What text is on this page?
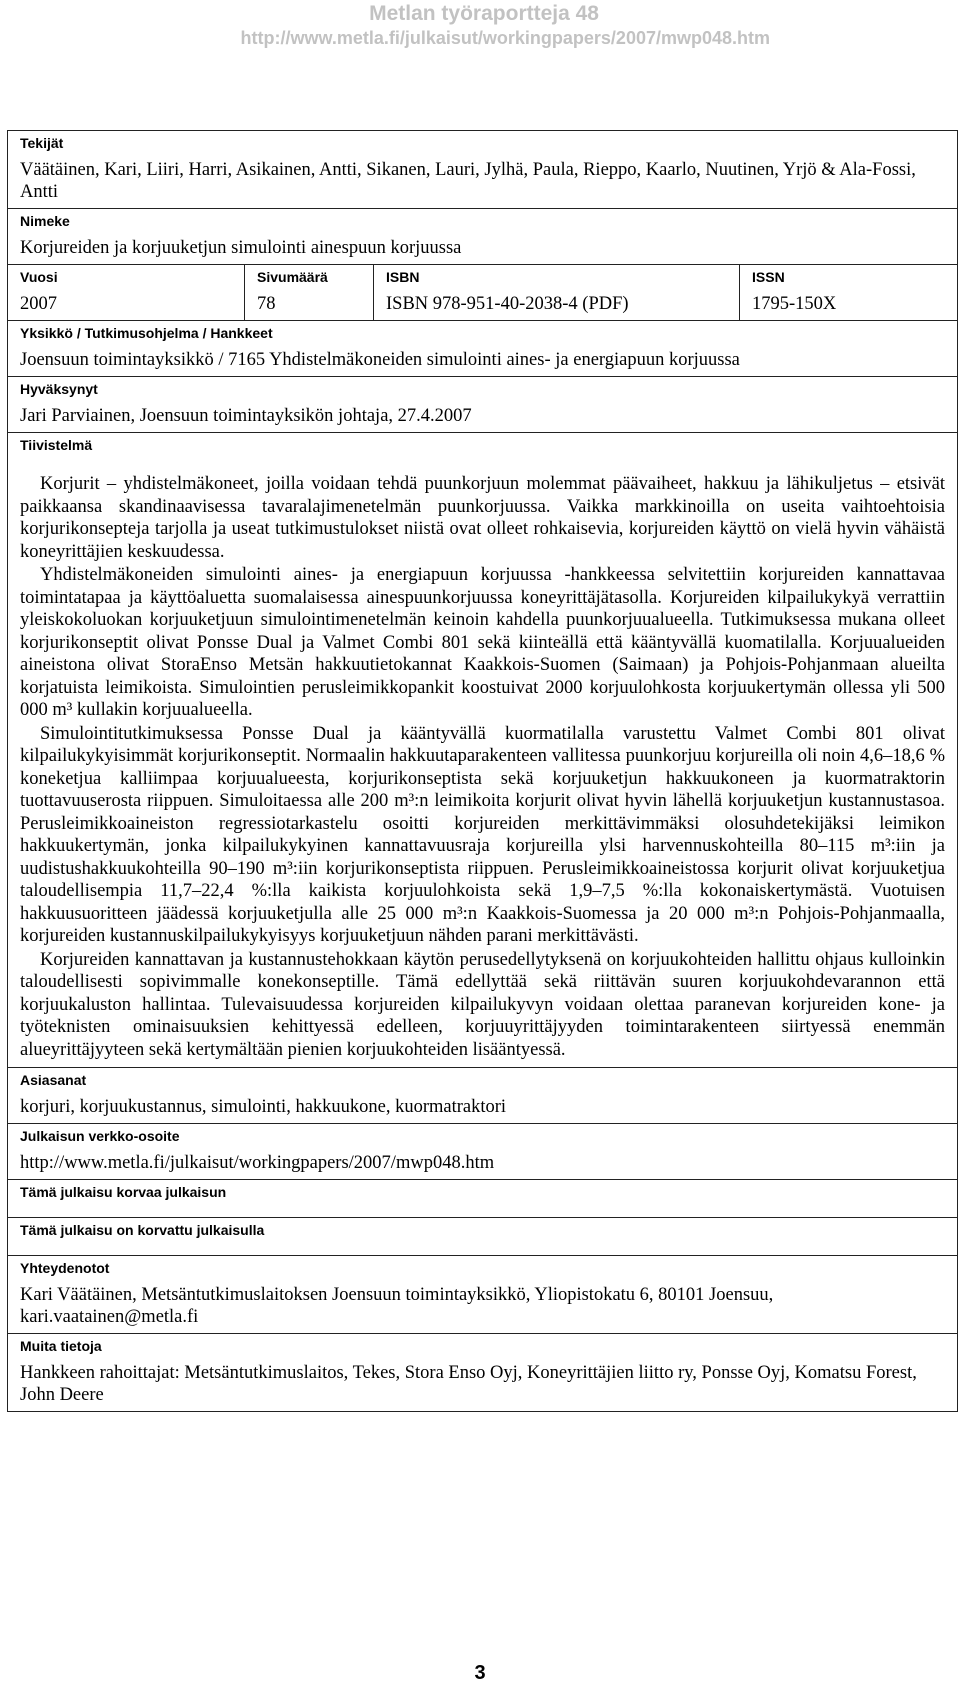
Metlan työraportteja 48
http://www.metla.fi/julkaisut/workingpapers/2007/mwp048.htm
Tekijät
Väätäinen, Kari, Liiri, Harri, Asikainen, Antti, Sikanen, Lauri, Jylhä, Paula, Rieppo, Kaarlo, Nuutinen, Yrjö & Ala-Fossi, Antti

Nimeke
Korjureiden ja korjuuketjun simulointi ainespuun korjuussa

Vuosi
2007

Sivumäärä
78

ISBN
ISBN 978-951-40-2038-4 (PDF)

ISSN
1795-150X

Yksikkö / Tutkimusohjelma / Hankkeet
Joensuun toimintayksikkö / 7165 Yhdistelmäkoneiden simulointi aines- ja energiapuun korjuussa

Hyväksynyt
Jari Parviainen, Joensuun toimintayksikön johtaja, 27.4.2007

Tiivistelmä

Korjurit – yhdistelmäkoneet, joilla voidaan tehdä puunkorjuun molemmat päävaiheet, hakkuu ja lähikuljetus – etsivät paikkaansa skandinaavisessa tavaralajimenetelmän puunkorjuussa. Vaikka markkinoilla on useita vaihtoehtoisia korjurikonsepteja tarjolla ja useat tutkimustulokset niistä ovat olleet rohkaisevia, korjureiden käyttö on vielä hyvin vähäistä koneyrittäjien keskuudessa.

Yhdistelmäkoneiden simulointi aines- ja energiapuun korjuussa -hankkeessa selvitettiin korjureiden kannattavaa toimintatapaa ja käyttöaluetta suomalaisessa ainespuunkorjuussa koneyrittäjätasolla. Korjureiden kilpailukykyä verrattiin yleiskokoluokan korjuuketjuun simulointimenetelmän keinoin kahdella puunkorjuualueella. Tutkimuksessa mukana olleet korjurikonseptit olivat Ponsse Dual ja Valmet Combi 801 sekä kiinteällä että kääntyvällä kuomatilalla. Korjuualueiden aineistona olivat StoraEnso Metsän hakkuutietokannat Kaakkois-Suomen (Saimaan) ja Pohjois-Pohjanmaan alueilta korjatuista leimikoista. Simulointien perusleimikkopankit koostuivat 2000 korjuulohkosta korjuukertymän ollessa yli 500 000 m³ kullakin korjuualueella.

Simulointitutkimuksessa Ponsse Dual ja kääntyvällä kuormatilalla varustettu Valmet Combi 801 olivat kilpailukykyisimmät korjurikonseptit. Normaalin hakkuutaparakenteen vallitessa puunkorjuu korjureilla oli noin 4,6–18,6 % koneketjua kalliimpaa korjuualueesta, korjurikonseptista sekä korjuuketjun hakkuukoneen ja kuormatraktorin tuottavuuserosta riippuen. Simuloitaessa alle 200 m³:n leimikoita korjurit olivat hyvin lähellä korjuuketjun kustannustasoa. Perusleimikkoaineiston regressiotarkastelu osoitti korjureiden merkittävimmäksi olosuhdetekijäksi leimikon hakkuukertymän, jonka kilpailukykyinen kannattavuusraja korjureilla ylsi harvennuskohteilla 80–115 m³:iin ja uudistushakkuukohteilla 90–190 m³:iin korjurikonseptista riippuen. Perusleimikkoaineistossa korjurit olivat korjuuketjua taloudellisempia 11,7–22,4 %:lla kaikista korjuulohkoista sekä 1,9–7,5 %:lla kokonaiskertymästä. Vuotuisen hakkuusuoritteen jäädessä korjuuketjulla alle 25 000 m³:n Kaakkois-Suomessa ja 20 000 m³:n Pohjois-Pohjanmaalla, korjureiden kustannuskilpailukykyisyys korjuuketjuun nähden parani merkittävästi.

Korjureiden kannattavan ja kustannustehokkaan käytön perusedellytyksenä on korjuukohteiden hallittu ohjaus kulloinkin taloudellisesti sopivimmalle konekonseptille. Tämä edellyttää sekä riittävän suuren korjuukohdevarannon että korjuukaluston hallintaa. Tulevaisuudessa korjureiden kilpailukyvyn voidaan olettaa paranevan korjureiden kone- ja työteknisten ominaisuuksien kehittyessä edelleen, korjuuyrittäjyyden toimintarakenteen siirtyessä enemmän alueyrittäjyyteen sekä kertymältään pienien korjuukohteiden lisääntyessä.

Asiasanat
korjuri, korjuukustannus, simulointi, hakkuukone, kuormatraktori

Julkaisun verkko-osoite
http://www.metla.fi/julkaisut/workingpapers/2007/mwp048.htm

Tämä julkaisu korvaa julkaisun

Tämä julkaisu on korvattu julkaisulla

Yhteydenotot
Kari Väätäinen, Metsäntutkimuslaitoksen Joensuun toimintayksikkö, Yliopistokatu 6, 80101 Joensuu, kari.vaatainen@metla.fi

Muita tietoja
Hankkeen rahoittajat: Metsäntutkimuslaitos, Tekes, Stora Enso Oyj, Koneyrittäjien liitto ry, Ponsse Oyj, Komatsu Forest, John Deere
3
